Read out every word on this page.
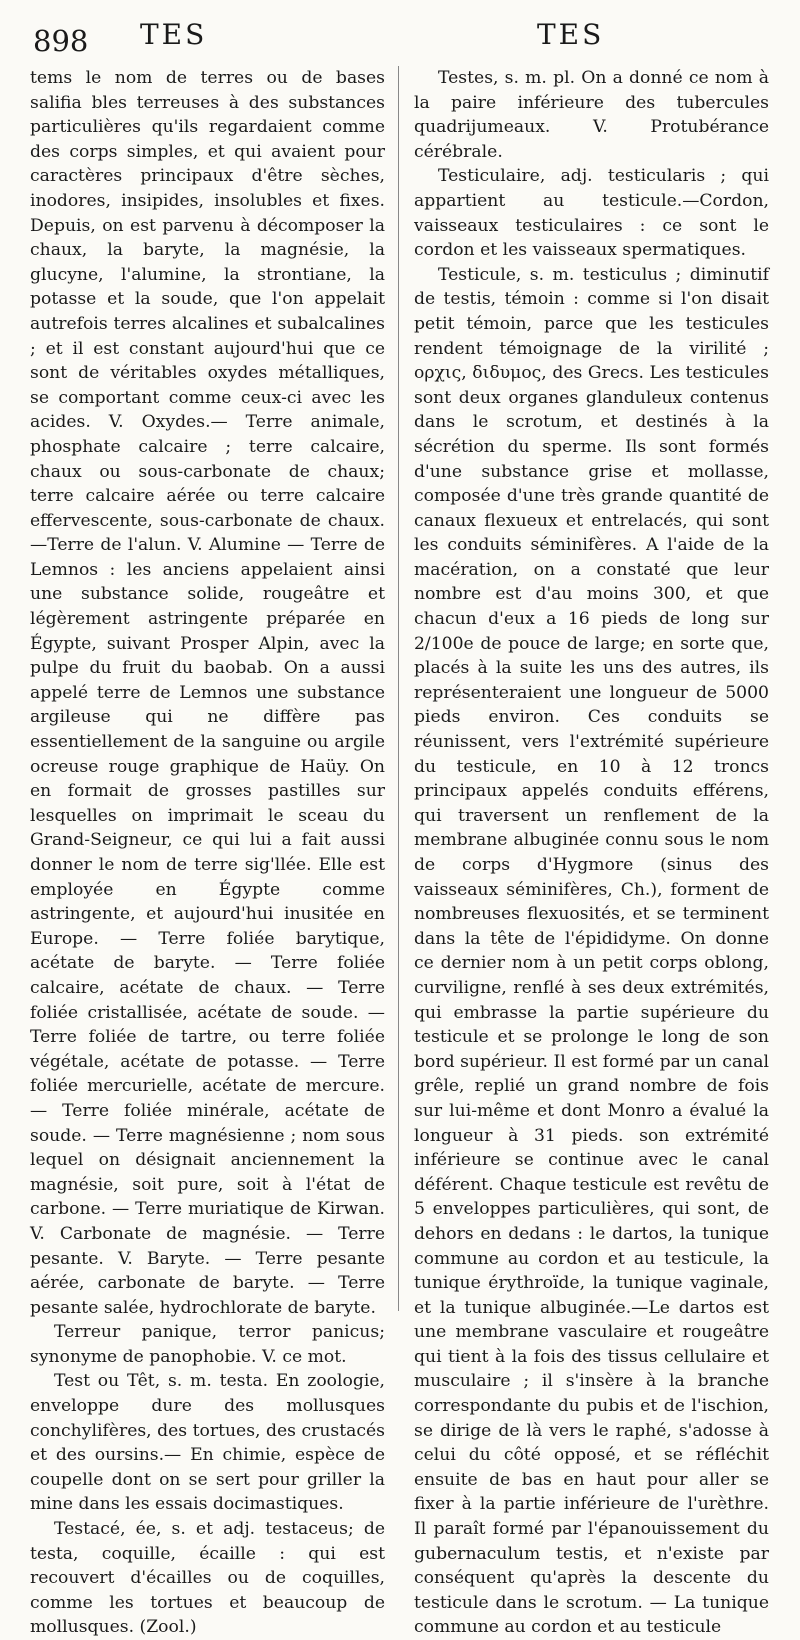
898 TES	TES

tems le nom de terres ou de bases salifia bles terreuses à des substances particulières qu'ils regardaient comme des corps simples, et qui avaient pour caractères principaux d'être sèches, inodores, insipides, insolubles et fixes. Depuis, on est parvenu à décomposer la chaux, la baryte, la magnésie, la glucyne, l'alumine, la strontiane, la potasse et la soude, que l'on appelait autrefois terres alcalines et subalcalines ; et il est constant aujourd'hui que ce sont de véritables oxydes métalliques, se comportant comme ceux-ci avec les acides. V. Oxydes.— Terre animale, phosphate calcaire ; terre calcaire, chaux ou sous-carbonate de chaux; terre calcaire aérée ou terre calcaire effervescente, sous-carbonate de chaux.—Terre de l'alun. V. Alumine — Terre de Lemnos : les anciens appelaient ainsi une substance solide, rougeâtre et légèrement astringente préparée en Égypte, suivant Prosper Alpin, avec la pulpe du fruit du baobab. On a aussi appelé terre de Lemnos une substance argileuse qui ne diffère pas essentiellement de la sanguine ou argile ocreuse rouge graphique de Haüy. On en formait de grosses pastilles sur lesquelles on imprimait le sceau du Grand-Seigneur, ce qui lui a fait aussi donner le nom de terre sig'llée. Elle est employée en Égypte comme astringente, et aujourd'hui inusitée en Europe. — Terre foliée barytique, acétate de baryte. — Terre foliée calcaire, acétate de chaux. — Terre foliée cristallisée, acétate de soude. — Terre foliée de tartre, ou terre foliée végétale, acétate de potasse. — Terre foliée mercurielle, acétate de mercure. — Terre foliée minérale, acétate de soude. — Terre magnésienne ; nom sous lequel on désignait anciennement la magnésie, soit pure, soit à l'état de carbone. — Terre muriatique de Kirwan. V. Carbonate de magnésie. — Terre pesante. V. Baryte. — Terre pesante aérée, carbonate de baryte. — Terre pesante salée, hydrochlorate de baryte.

Terreur panique, terror panicus; synonyme de panophobie. V. ce mot.

Test ou Têt, s. m. testa. En zoologie, enveloppe dure des mollusques conchylifères, des tortues, des crustacés et des oursins.— En chimie, espèce de coupelle dont on se sert pour griller la mine dans les essais docimastiques.

Testacé, ée, s. et adj. testaceus; de testa, coquille, écaille : qui est recouvert d'écailles ou de coquilles, comme les tortues et beaucoup de mollusques. (Zool.)

Testes, s. m. pl. On a donné ce nom à la paire inférieure des tubercules quadrijumeaux. V. Protubérance cérébrale.

Testiculaire, adj. testicularis ; qui appartient au testicule.—Cordon, vaisseaux testiculaires : ce sont le cordon et les vaisseaux spermatiques.

Testicule, s. m. testiculus ; diminutif de testis, témoin : comme si l'on disait petit témoin, parce que les testicules rendent témoignage de la virilité ; ορχις, διδυμος, des Grecs. Les testicules sont deux organes glanduleux contenus dans le scrotum, et destinés à la sécrétion du sperme. Ils sont formés d'une substance grise et mollasse, composée d'une très grande quantité de canaux flexueux et entrelacés, qui sont les conduits séminifères. A l'aide de la macération, on a constaté que leur nombre est d'au moins 300, et que chacun d'eux a 16 pieds de long sur 2/100e de pouce de large; en sorte que, placés à la suite les uns des autres, ils représenteraient une longueur de 5000 pieds environ. Ces conduits se réunissent, vers l'extrémité supérieure du testicule, en 10 à 12 troncs principaux appelés conduits efférens, qui traversent un renflement de la membrane albuginée connu sous le nom de corps d'Hygmore (sinus des vaisseaux séminifères, Ch.), forment de nombreuses flexuosités, et se terminent dans la tête de l'épididyme. On donne ce dernier nom à un petit corps oblong, curviligne, renflé à ses deux extrémités, qui embrasse la partie supérieure du testicule et se prolonge le long de son bord supérieur. Il est formé par un canal grêle, replié un grand nombre de fois sur lui-même et dont Monro a évalué la longueur à 31 pieds. son extrémité inférieure se continue avec le canal déférent. Chaque testicule est revêtu de 5 enveloppes particulières, qui sont, de dehors en dedans : le dartos, la tunique commune au cordon et au testicule, la tunique érythroïde, la tunique vaginale, et la tunique albuginée.—Le dartos est une membrane vasculaire et rougeâtre qui tient à la fois des tissus cellulaire et musculaire ; il s'insère à la branche correspondante du pubis et de l'ischion, se dirige de là vers le raphé, s'adosse à celui du côté opposé, et se réfléchit ensuite de bas en haut pour aller se fixer à la partie inférieure de l'urèthre. Il paraît formé par l'épanouissement du gubernaculum testis, et n'existe par conséquent qu'après la descente du testicule dans le scrotum. — La tunique commune au cordon et au testicule
